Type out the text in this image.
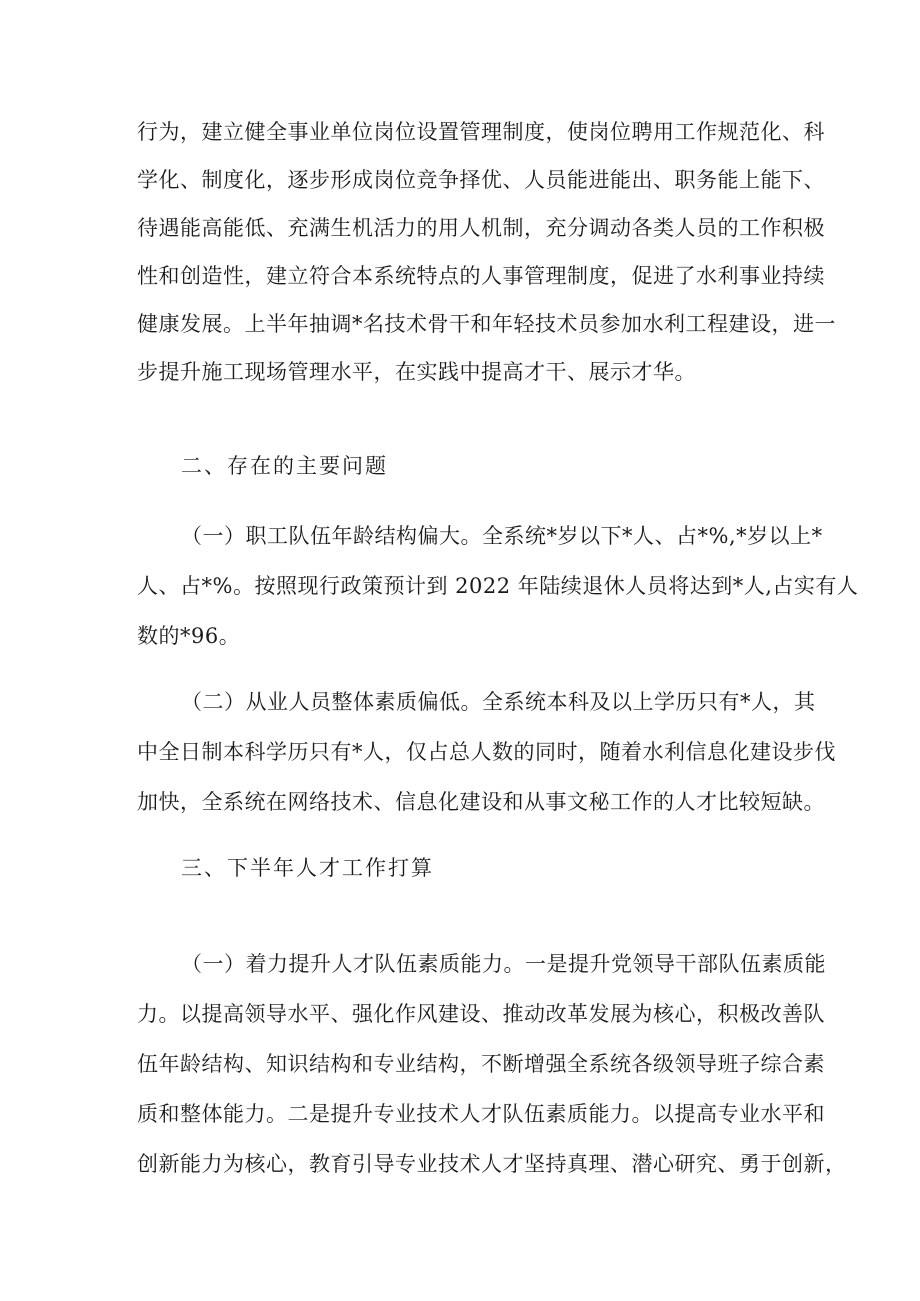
行为，建立健全事业单位岗位设置管理制度，使岗位聘用工作规范化、科
学化、制度化，逐步形成岗位竞争择优、人员能进能出、职务能上能下、
待遇能高能低、充满生机活力的用人机制，充分调动各类人员的工作积极
性和创造性，建立符合本系统特点的人事管理制度，促进了水利事业持续
健康发展。上半年抽调*名技术骨干和年轻技术员参加水利工程建设，进一
步提升施工现场管理水平，在实践中提高才干、展示才华。
二、存在的主要问题
（一）职工队伍年龄结构偏大。全系统*岁以下*人、占*%,*岁以上*
人、占*%。按照现行政策预计到 2022 年陆续退休人员将达到*人,占实有人
数的*96。
（二）从业人员整体素质偏低。全系统本科及以上学历只有*人，其
中全日制本科学历只有*人，仅占总人数的同时，随着水利信息化建设步伐
加快，全系统在网络技术、信息化建设和从事文秘工作的人才比较短缺。
三、下半年人才工作打算
（一）着力提升人才队伍素质能力。一是提升党领导干部队伍素质能
力。以提高领导水平、强化作风建设、推动改革发展为核心，积极改善队
伍年龄结构、知识结构和专业结构，不断增强全系统各级领导班子综合素
质和整体能力。二是提升专业技术人才队伍素质能力。以提高专业水平和
创新能力为核心，教育引导专业技术人才坚持真理、潜心研究、勇于创新，
